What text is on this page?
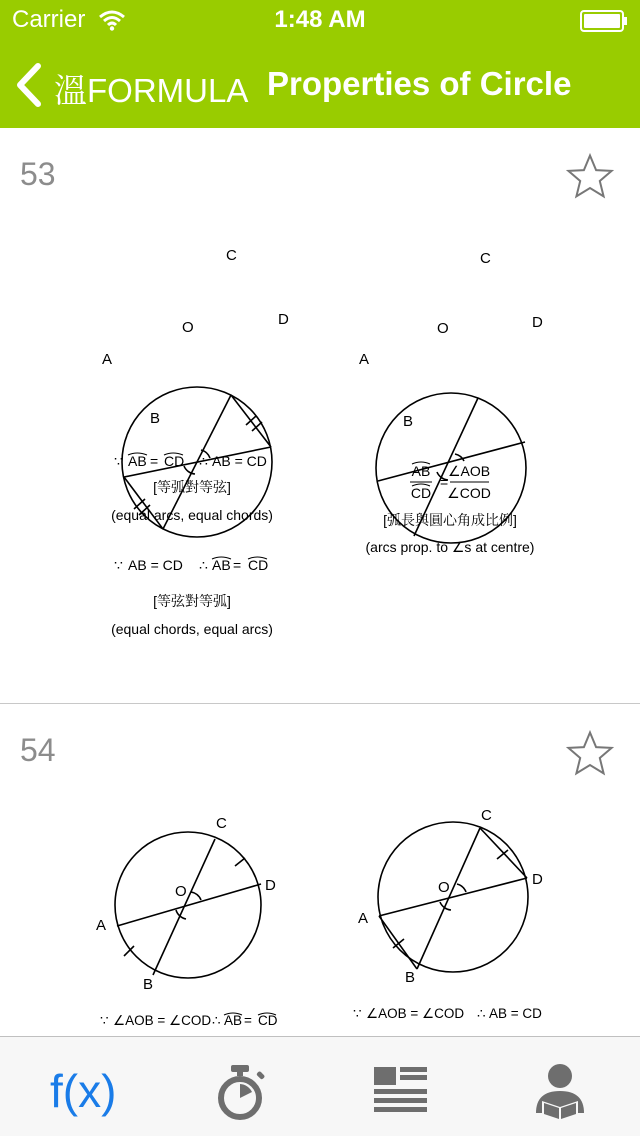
Carrier	1:48 AM
溫FORMULA Properties of Circle
53
C
D
O
A
B
∵ AB = CD ∴ AB = CD
[等弧對等弦]
(equal arcs, equal chords)
∵ AB = CD ∴ AB = CD
[等弦對等弧]
(equal chords, equal arcs)
C
D
O
A
B
AB
CD
=
∠AOB
∠COD
[弧長與圓心角成比例]
(arcs prop. to ∠s at centre)
54
C
D
O
A
B
C
D
O
A
B
∵ ∠AOB = ∠COD ∴ AB = CD	∵ ∠AOB = ∠COD ∴ AB = CD
f(x)
